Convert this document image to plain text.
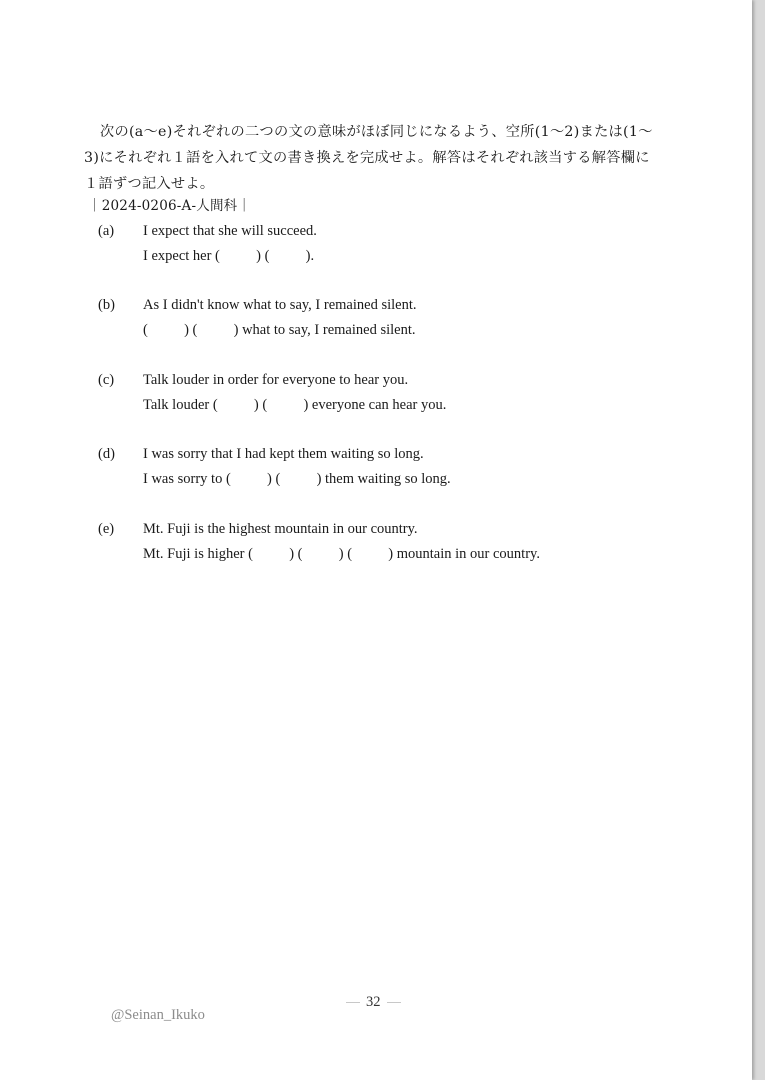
次の(a〜e)それぞれの二つの文の意味がほぼ同じになるよう、空所(1〜2)または(1〜
3)にそれぞれ１語を入れて文の書き換えを完成せよ。解答はそれぞれ該当する解答欄に
１語ずつ記入せよ。
｜2024-0206-A-人間科｜
(a) I expect that she will succeed.
I expect her (          ) (          ).
(b) As I didn't know what to say, I remained silent.
(          ) (          ) what to say, I remained silent.
(c) Talk louder in order for everyone to hear you.
Talk louder (          ) (          ) everyone can hear you.
(d) I was sorry that I had kept them waiting so long.
I was sorry to (          ) (          ) them waiting so long.
(e) Mt. Fuji is the highest mountain in our country.
Mt. Fuji is higher (          ) (          ) (          ) mountain in our country.
32
@Seinan_Ikuko
